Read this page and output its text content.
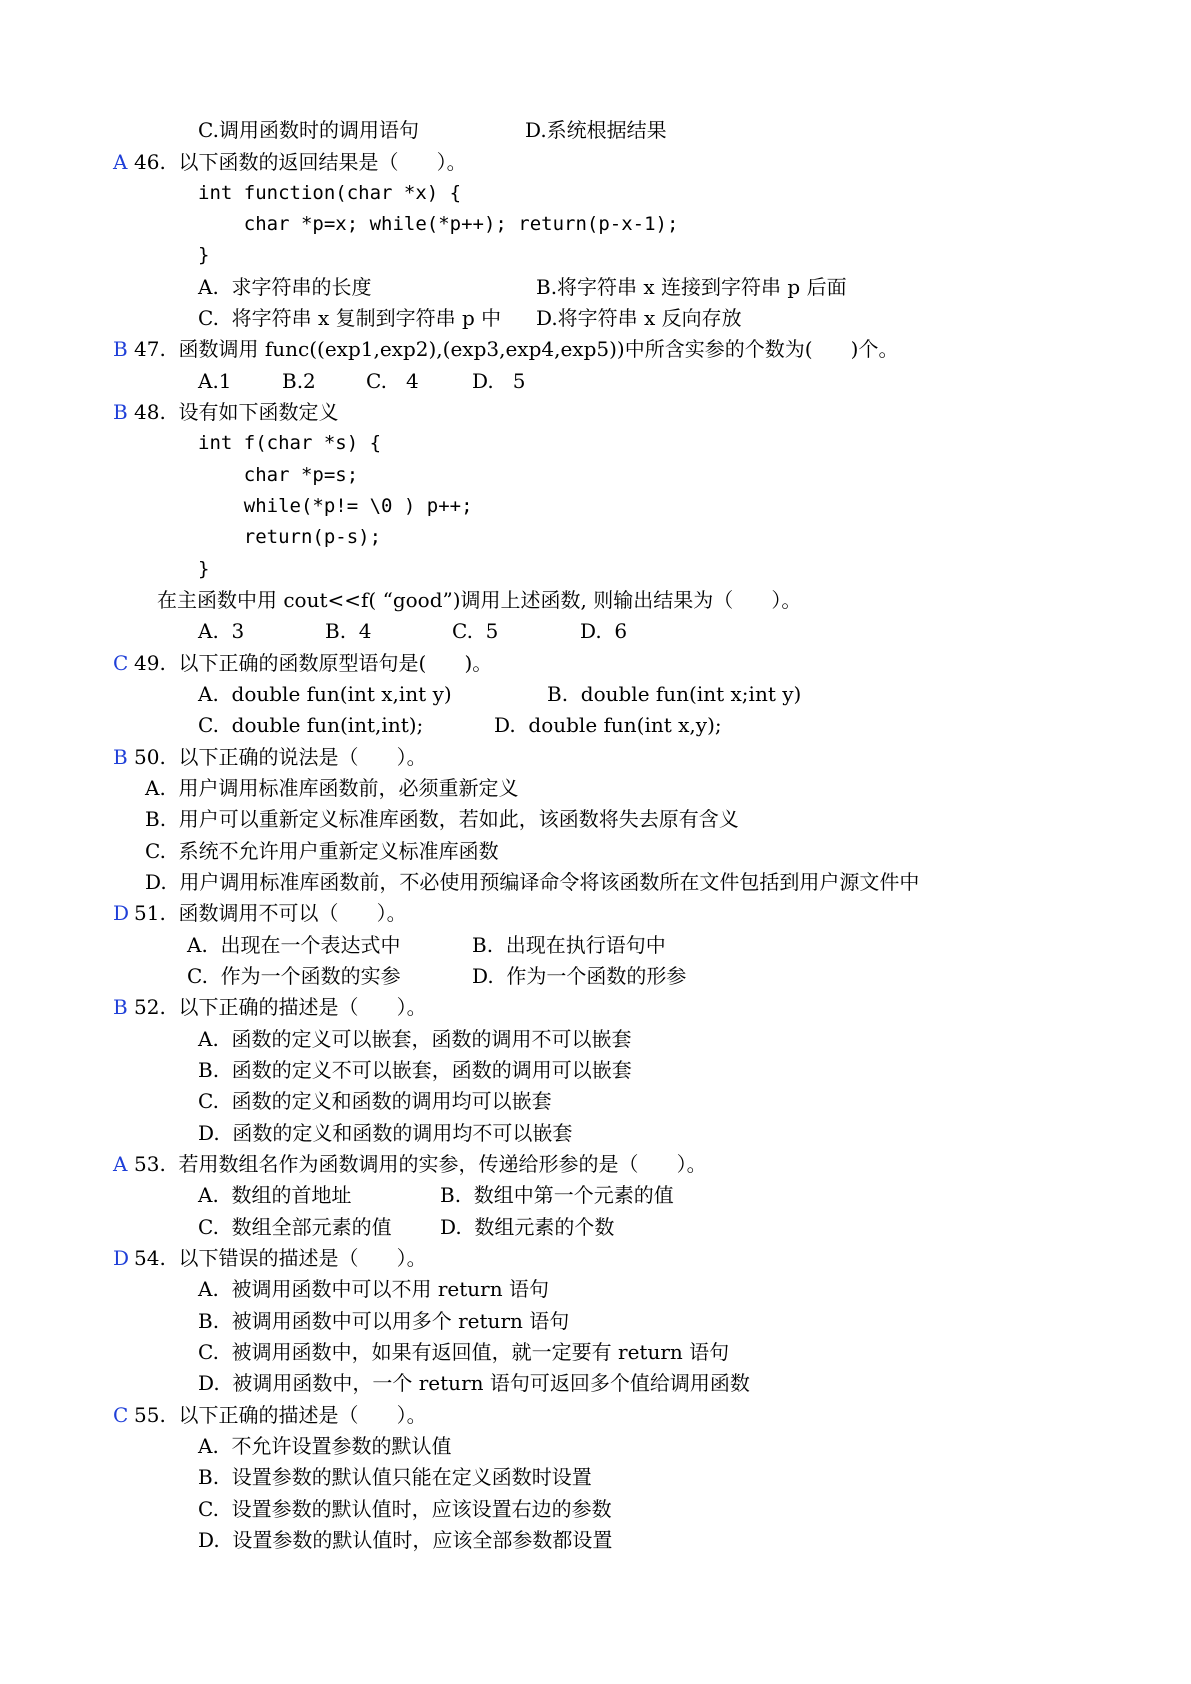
C.调用函数时的调用语句	D.系统根据结果
A 46.  以下函数的返回结果是（      ）。
int function(char *x) {
char *p=x; while(*p++); return(p-x-1);
}
A.  求字符串的长度	B.将字符串 x 连接到字符串 p 后面
C.  将字符串 x 复制到字符串 p 中 D.将字符串 x 反向存放
B 47.  函数调用 func((exp1,exp2),(exp3,exp4,exp5))中所含实参的个数为(      )个。
A.1	B.2	C.   4	D.   5
B 48.  设有如下函数定义
int f(char *s) {
char *p=s;
while(*p!= \0 ) p++;
return(p-s);
}
在主函数中用 cout<<f( “good”)调用上述函数, 则输出结果为（      ）。
A.  3	B.  4	C.  5	D.  6
C 49.  以下正确的函数原型语句是(      )。
A.  double fun(int x,int y)	B.  double fun(int x;int y)
C.  double fun(int,int);	D.  double fun(int x,y);
B 50.  以下正确的说法是（      ）。
A.  用户调用标准库函数前，必须重新定义
B.  用户可以重新定义标准库函数，若如此，该函数将失去原有含义
C.  系统不允许用户重新定义标准库函数
D.  用户调用标准库函数前，不必使用预编译命令将该函数所在文件包括到用户源文件中
D 51.  函数调用不可以（      ）。
A.  出现在一个表达式中	B.  出现在执行语句中
C.  作为一个函数的实参	D.  作为一个函数的形参
B 52.  以下正确的描述是（      ）。
A.  函数的定义可以嵌套，函数的调用不可以嵌套
B.  函数的定义不可以嵌套，函数的调用可以嵌套
C.  函数的定义和函数的调用均可以嵌套
D.  函数的定义和函数的调用均不可以嵌套
A 53.  若用数组名作为函数调用的实参，传递给形参的是（      ）。
A.  数组的首地址	B.  数组中第一个元素的值
C.  数组全部元素的值 D.  数组元素的个数
D 54.  以下错误的描述是（      ）。
A.  被调用函数中可以不用 return 语句
B.  被调用函数中可以用多个 return 语句
C.  被调用函数中，如果有返回值，就一定要有 return 语句
D.  被调用函数中，一个 return 语句可返回多个值给调用函数
C 55.  以下正确的描述是（      ）。
A.  不允许设置参数的默认值
B.  设置参数的默认值只能在定义函数时设置
C.  设置参数的默认值时，应该设置右边的参数
D.  设置参数的默认值时，应该全部参数都设置
